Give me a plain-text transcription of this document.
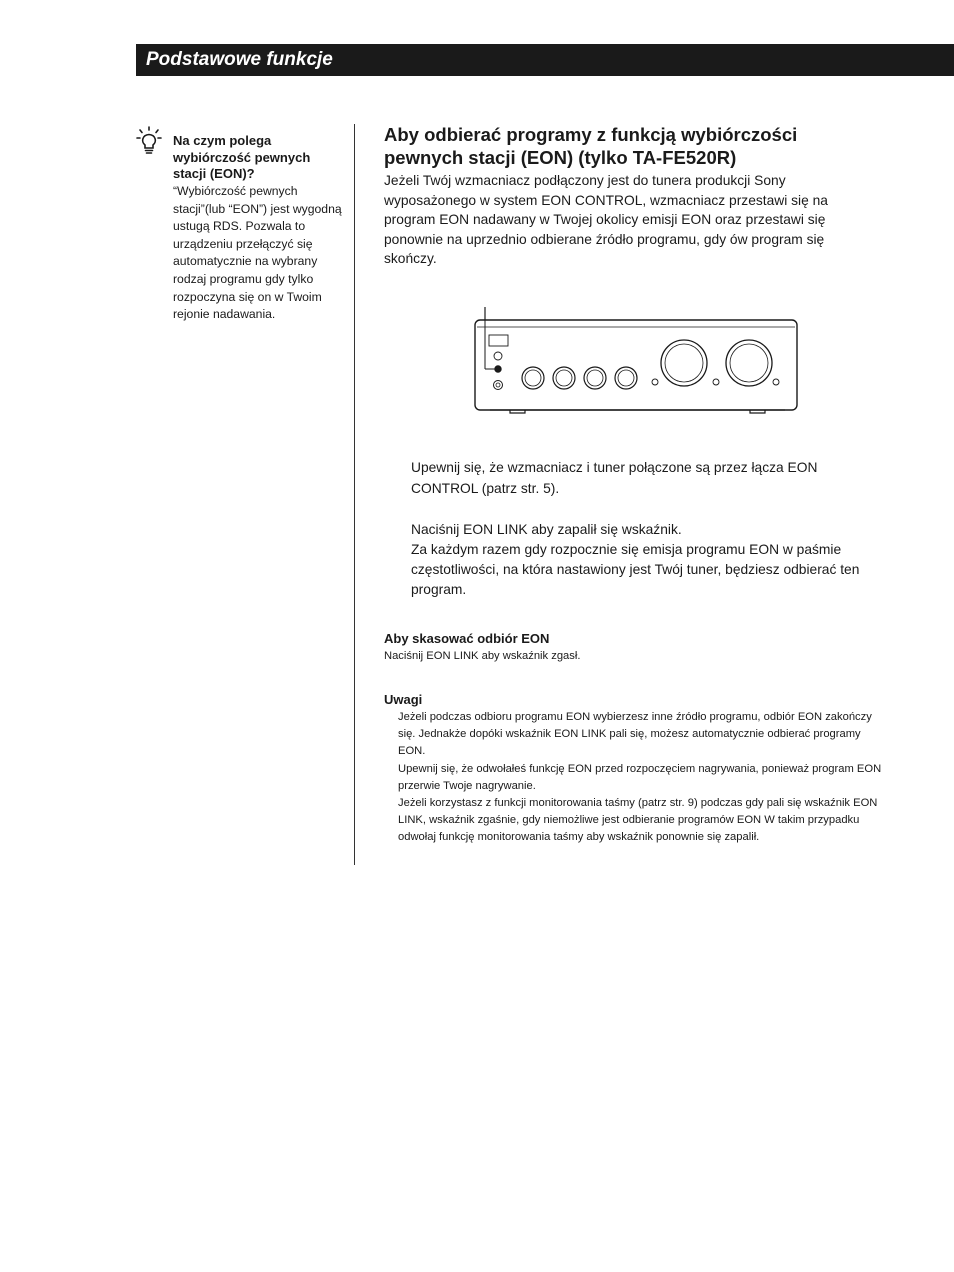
Podstawowe funkcje
Na czym polega wybiórczość pewnych stacji (EON)?
“Wybiórczość pewnych stacji”(lub “EON”) jest wygodną ustugą RDS. Pozwala to urządzeniu przełączyć się automatycznie na wybrany rodzaj programu gdy tylko rozpoczyna się on w Twoim rejonie nadawania.
Aby odbierać programy z funkcją wybiórczości pewnych stacji (EON) (tylko TA-FE520R)
Jeżeli Twój wzmacniacz podłączony jest do tunera produkcji Sony wyposażonego w system EON CONTROL, wzmacniacz przestawi się na program EON nadawany w Twojej okolicy emisji EON oraz przestawi się ponownie na uprzednio odbierane źródło programu, gdy ów program się skończy.
Upewnij się, że wzmacniacz i tuner połączone są przez łącza EON CONTROL (patrz str. 5).
Naciśnij EON LINK aby zapalił się wskaźnik.
Za każdym razem gdy rozpocznie się emisja programu EON w paśmie częstotliwości, na która nastawiony jest Twój tuner, będziesz odbierać ten program.
Aby skasować odbiór EON
Naciśnij EON LINK aby wskaźnik zgasł.
Uwagi
Jeżeli podczas odbioru programu EON wybierzesz inne źródło programu, odbiór EON zakończy się. Jednakże dopóki wskaźnik EON LINK pali się, możesz automatycznie odbierać programy EON.
Upewnij się, że odwołałeś funkcję EON przed rozpoczęciem nagrywania, ponieważ program EON przerwie Twoje nagrywanie.
Jeżeli korzystasz z funkcji monitorowania taśmy (patrz str. 9) podczas gdy pali się wskaźnik EON LINK, wskaźnik zgaśnie, gdy niemożliwe jest odbieranie programów EON W takim przypadku odwołaj funkcję monitorowania taśmy aby wskaźnik ponownie się zapalił.
